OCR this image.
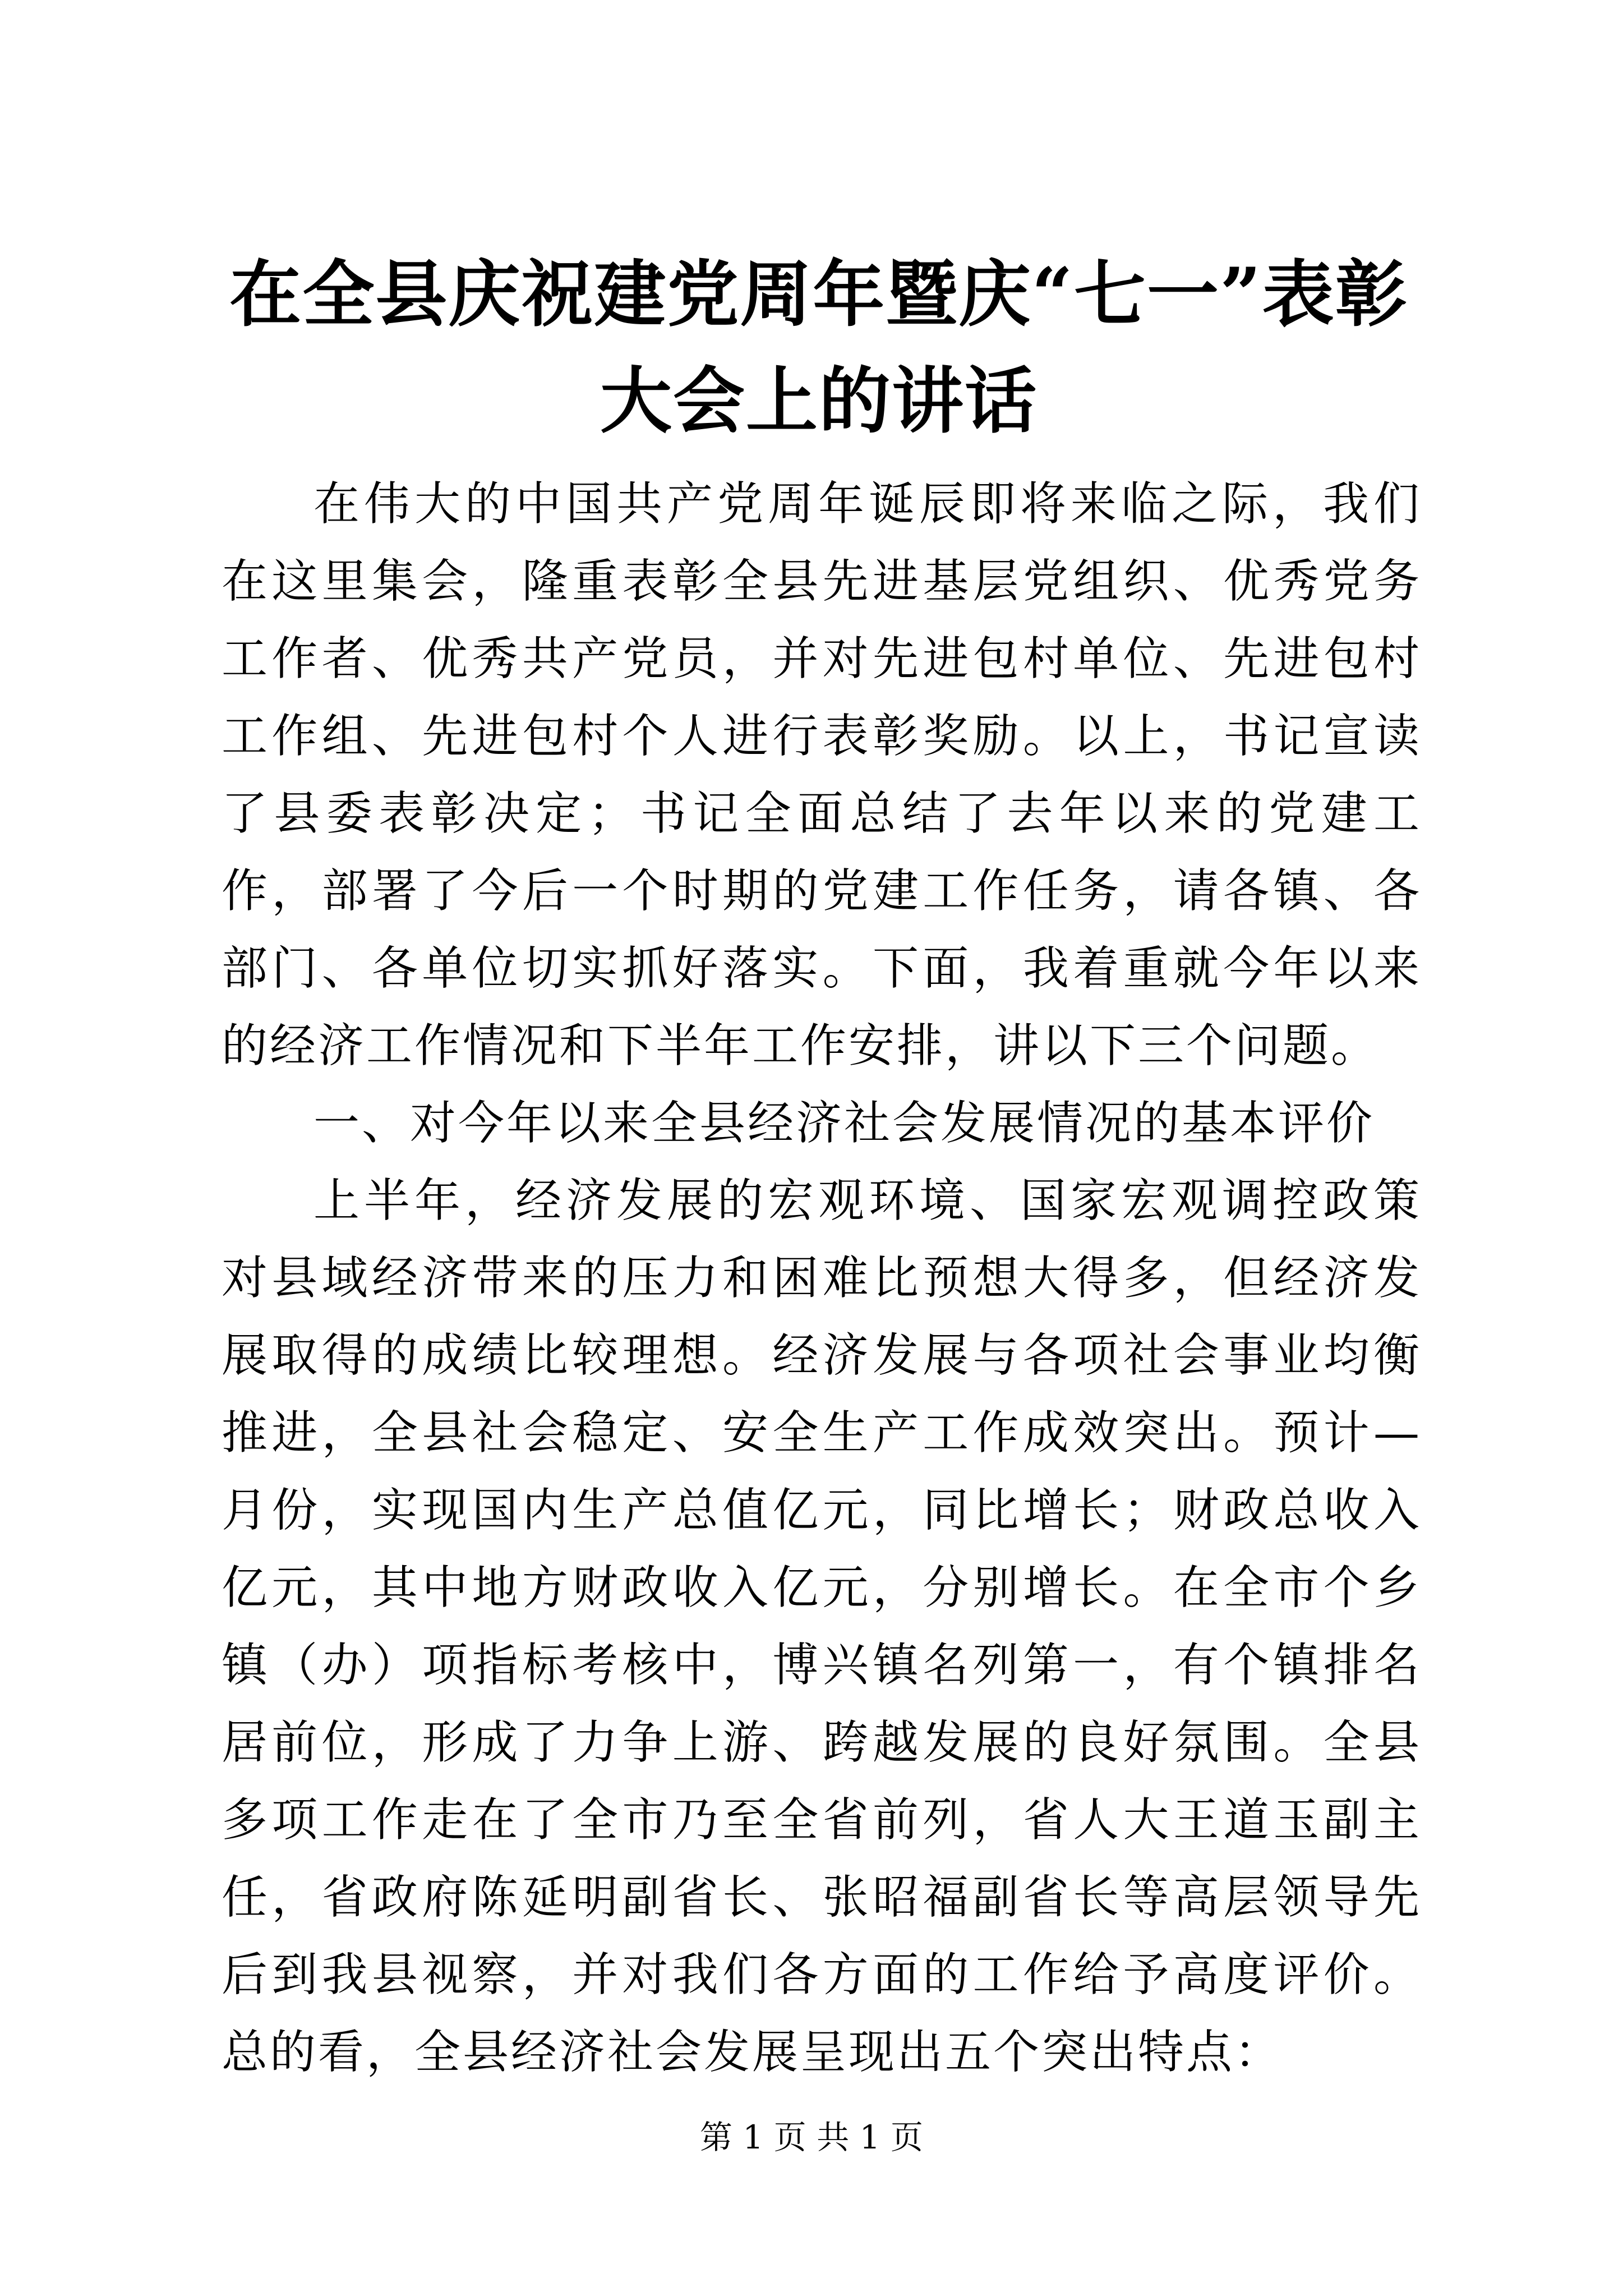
在全县庆祝建党周年暨庆“七一”表彰大会上的讲话

在伟大的中国共产党周年诞辰即将来临之际，我们在这里集会，隆重表彰全县先进基层党组织、优秀党务工作者、优秀共产党员，并对先进包村单位、先进包村工作组、先进包村个人进行表彰奖励。以上，书记宣读了县委表彰决定；书记全面总结了去年以来的党建工作，部署了今后一个时期的党建工作任务，请各镇、各部门、各单位切实抓好落实。下面，我着重就今年以来的经济工作情况和下半年工作安排，讲以下三个问题。

一、对今年以来全县经济社会发展情况的基本评价

上半年，经济发展的宏观环境、国家宏观调控政策对县域经济带来的压力和困难比预想大得多，但经济发展取得的成绩比较理想。经济发展与各项社会事业均衡推进，全县社会稳定、安全生产工作成效突出。预计—月份，实现国内生产总值亿元，同比增长；财政总收入亿元，其中地方财政收入亿元，分别增长。在全市个乡镇（办）项指标考核中，博兴镇名列第一，有个镇排名居前位，形成了力争上游、跨越发展的良好氛围。全县多项工作走在了全市乃至全省前列，省人大王道玉副主任，省政府陈延明副省长、张昭福副省长等高层领导先后到我县视察，并对我们各方面的工作给予高度评价。总的看，全县经济社会发展呈现出五个突出特点：

第 1 页 共 1 页
